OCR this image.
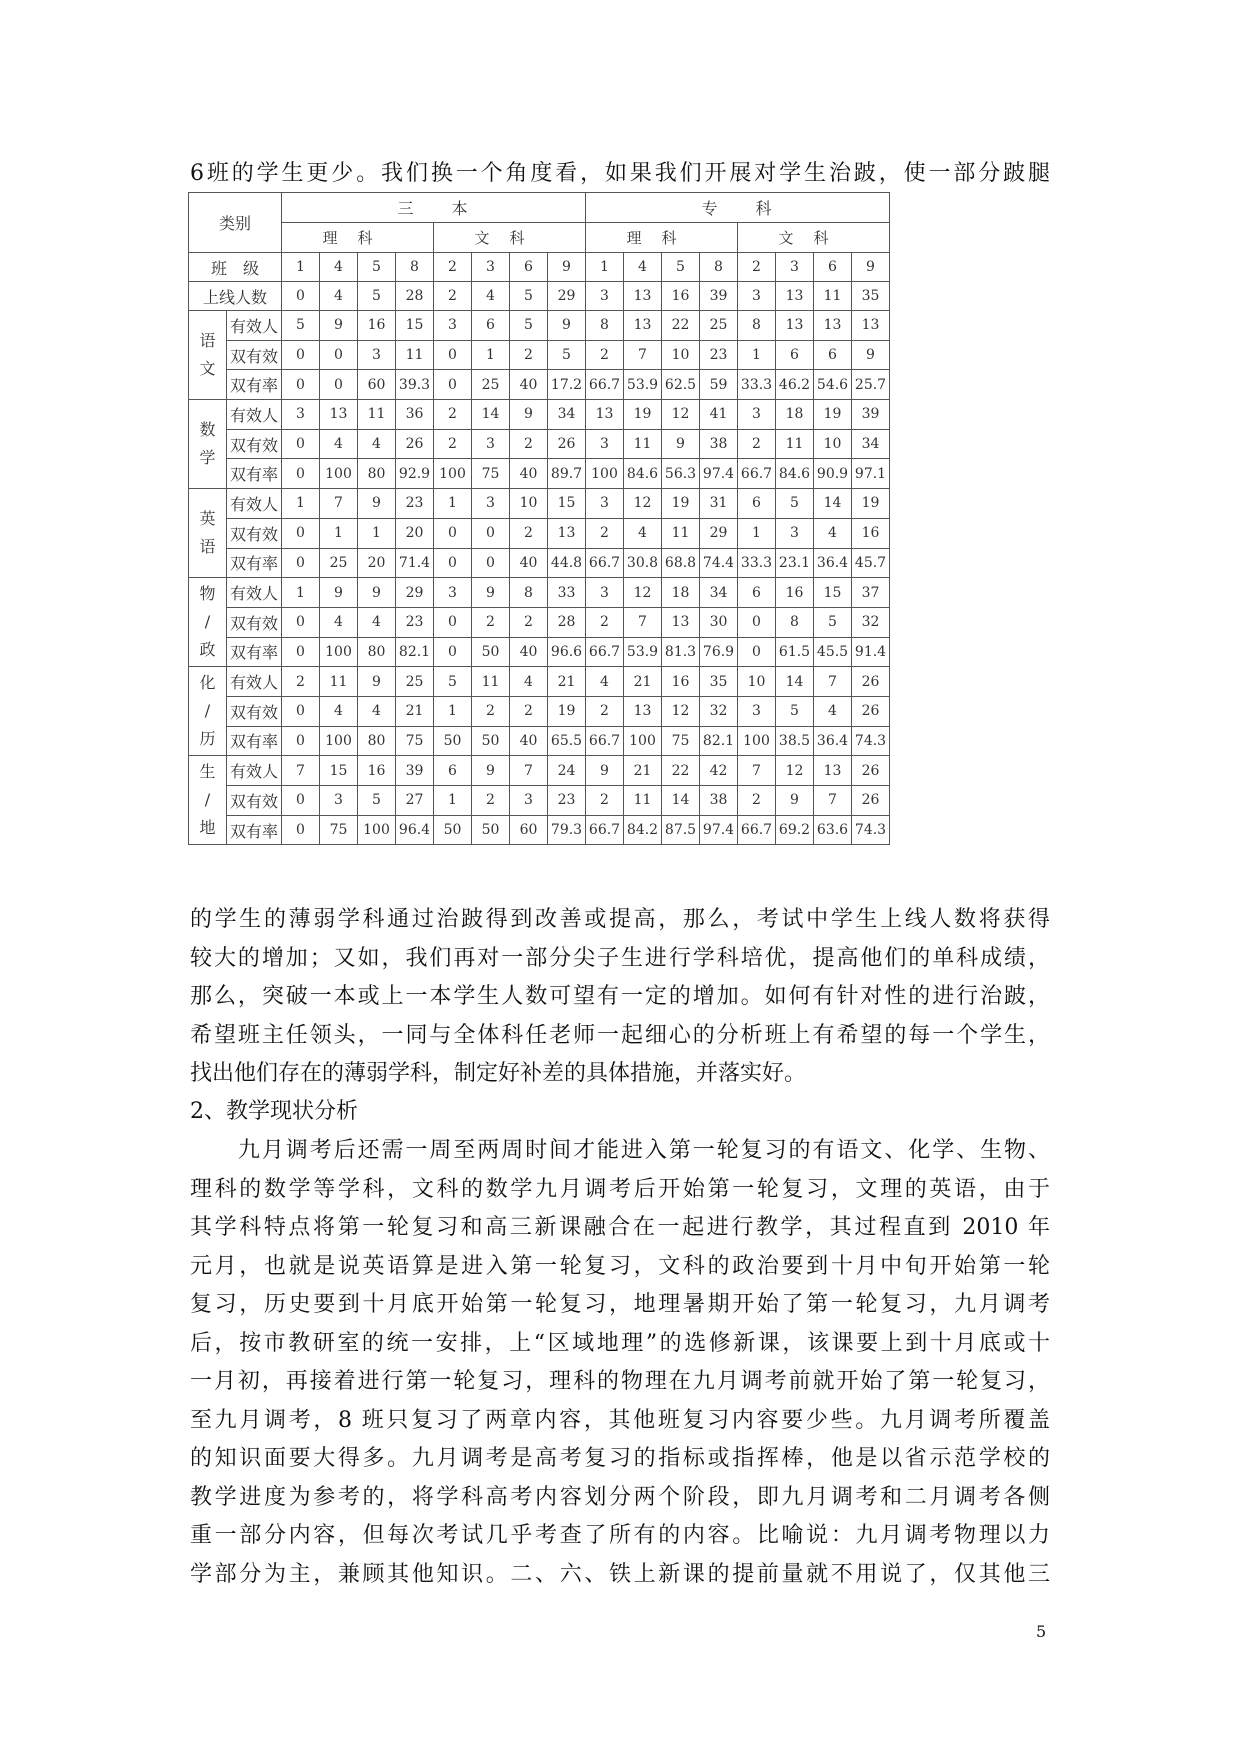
6班的学生更少。我们换一个角度看，如果我们开展对学生治跛，使一部分跛腿
类别		三　　本								专　　科							
		理科				文科				理科				文科			
班　级		1	4	5	8	2	3	6	9	1	4	5	8	2	3	6	9
上线人数		0	4	5	28	2	4	5	29	3	13	16	39	3	13	11	35
语
文	有效人	5	9	16	15	3	6	5	9	8	13	22	25	8	13	13	13
	双有效	0	0	3	11	0	1	2	5	2	7	10	23	1	6	6	9
	双有率	0	0	60	39.3	0	25	40	17.2	66.7	53.9	62.5	59	33.3	46.2	54.6	25.7
数
学	有效人	3	13	11	36	2	14	9	34	13	19	12	41	3	18	19	39
	双有效	0	4	4	26	2	3	2	26	3	11	9	38	2	11	10	34
	双有率	0	100	80	92.9	100	75	40	89.7	100	84.6	56.3	97.4	66.7	84.6	90.9	97.1
英
语	有效人	1	7	9	23	1	3	10	15	3	12	19	31	6	5	14	19
	双有效	0	1	1	20	0	0	2	13	2	4	11	29	1	3	4	16
	双有率	0	25	20	71.4	0	0	40	44.8	66.7	30.8	68.8	74.4	33.3	23.1	36.4	45.7
物
/
政	有效人	1	9	9	29	3	9	8	33	3	12	18	34	6	16	15	37
	双有效	0	4	4	23	0	2	2	28	2	7	13	30	0	8	5	32
	双有率	0	100	80	82.1	0	50	40	96.6	66.7	53.9	81.3	76.9	0	61.5	45.5	91.4
化
/
历	有效人	2	11	9	25	5	11	4	21	4	21	16	35	10	14	7	26
	双有效	0	4	4	21	1	2	2	19	2	13	12	32	3	5	4	26
	双有率	0	100	80	75	50	50	40	65.5	66.7	100	75	82.1	100	38.5	36.4	74.3
生
/
地	有效人	7	15	16	39	6	9	7	24	9	21	22	42	7	12	13	26
	双有效	0	3	5	27	1	2	3	23	2	11	14	38	2	9	7	26
	双有率	0	75	100	96.4	50	50	60	79.3	66.7	84.2	87.5	97.4	66.7	69.2	63.6	74.3
的学生的薄弱学科通过治跛得到改善或提高，那么，考试中学生上线人数将获得
较大的增加；又如，我们再对一部分尖子生进行学科培优，提高他们的单科成绩，
那么，突破一本或上一本学生人数可望有一定的增加。如何有针对性的进行治跛，
希望班主任领头，一同与全体科任老师一起细心的分析班上有希望的每一个学生，
找出他们存在的薄弱学科，制定好补差的具体措施，并落实好。
2、教学现状分析
　　九月调考后还需一周至两周时间才能进入第一轮复习的有语文、化学、生物、
理科的数学等学科，文科的数学九月调考后开始第一轮复习，文理的英语，由于
其学科特点将第一轮复习和高三新课融合在一起进行教学，其过程直到 2010 年
元月，也就是说英语算是进入第一轮复习，文科的政治要到十月中旬开始第一轮
复习，历史要到十月底开始第一轮复习，地理暑期开始了第一轮复习，九月调考
后，按市教研室的统一安排，上“区域地理”的选修新课，该课要上到十月底或十
一月初，再接着进行第一轮复习，理科的物理在九月调考前就开始了第一轮复习，
至九月调考，8 班只复习了两章内容，其他班复习内容要少些。九月调考所覆盖
的知识面要大得多。九月调考是高考复习的指标或指挥棒，他是以省示范学校的
教学进度为参考的，将学科高考内容划分两个阶段，即九月调考和二月调考各侧
重一部分内容，但每次考试几乎考查了所有的内容。比喻说：九月调考物理以力
学部分为主，兼顾其他知识。二、六、铁上新课的提前量就不用说了，仅其他三
5
